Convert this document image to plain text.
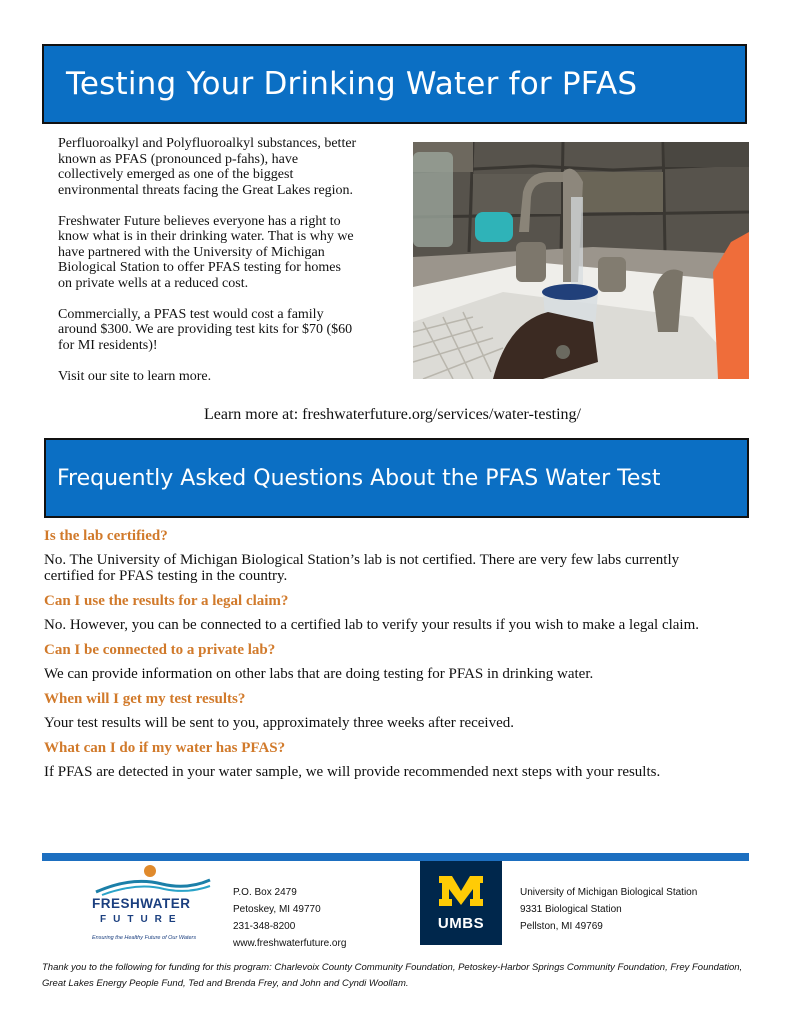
Testing Your Drinking Water for PFAS

Perfluoroalkyl and Polyfluoroalkyl substances, better known as PFAS (pronounced p-fahs), have collectively emerged as one of the biggest environmental threats facing the Great Lakes region.

Freshwater Future believes everyone has a right to know what is in their drinking water. That is why we have partnered with the University of Michigan Biological Station to offer PFAS testing for homes on private wells at a reduced cost.

Commercially, a PFAS test would cost a family around $300. We are providing test kits for $70 ($60 for MI residents)!

Visit our site to learn more.

Learn more at: freshwaterfuture.org/services/water-testing/
Frequently Asked Questions About the PFAS Water Test
Is the lab certified?
No. The University of Michigan Biological Station’s lab is not certified. There are very few labs currently certified for PFAS testing in the country.
Can I use the results for a legal claim?
No. However, you can be connected to a certified lab to verify your results if you wish to make a legal claim.
Can I be connected to a private lab?
We can provide information on other labs that are doing testing for PFAS in drinking water.
When will I get my test results?
Your test results will be sent to you, approximately three weeks after received.
What can I do if my water has PFAS?
If PFAS are detected in your water sample, we will provide recommended next steps with your results.
FRESHWATER
FUTURE
Ensuring the Healthy Future of Our Waters
P.O. Box 2479
Petoskey, MI 49770
231-348-8200
www.freshwaterfuture.org
UMBS
University of Michigan Biological Station
9331 Biological Station
Pellston, MI 49769
Thank you to the following for funding for this program: Charlevoix County Community Foundation, Petoskey-Harbor Springs Community Foundation, Frey Foundation, Great Lakes Energy People Fund, Ted and Brenda Frey, and John and Cyndi Woollam.
